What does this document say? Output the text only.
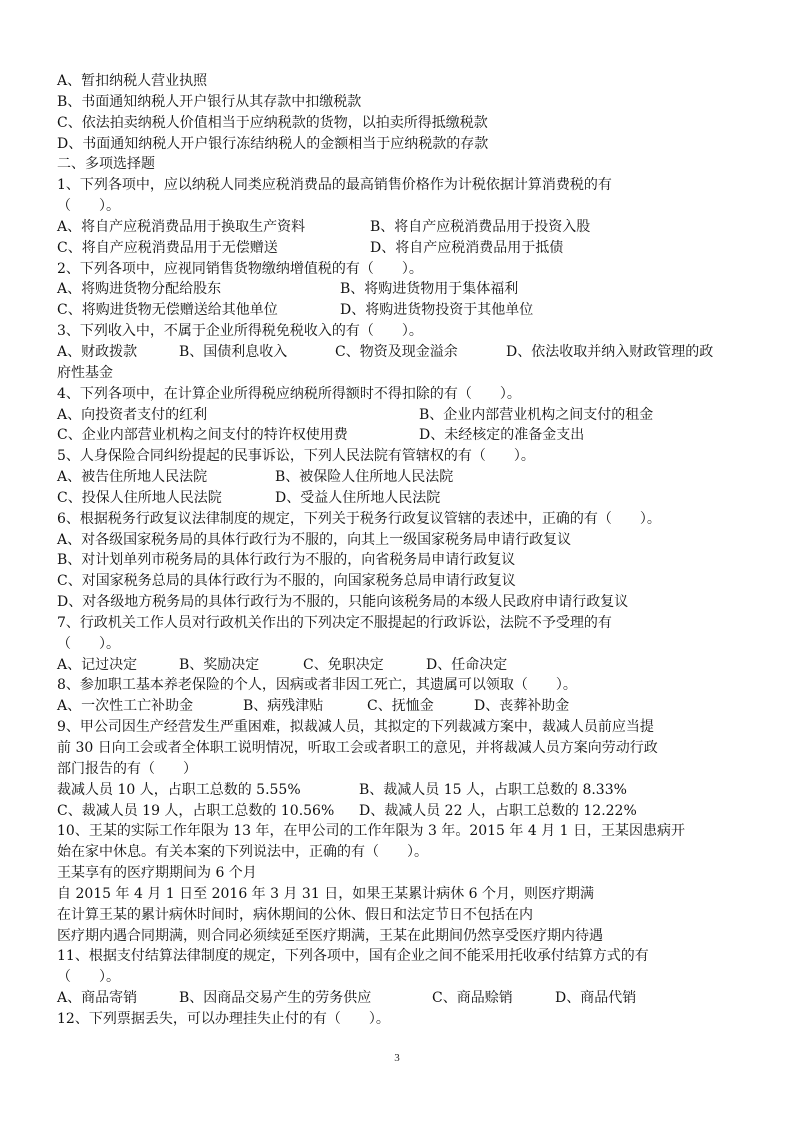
A、暂扣纳税人营业执照
B、书面通知纳税人开户银行从其存款中扣缴税款
C、依法拍卖纳税人价值相当于应纳税款的货物，以拍卖所得抵缴税款
D、书面通知纳税人开户银行冻结纳税人的金额相当于应纳税款的存款
二、多项选择题
1、下列各项中，应以纳税人同类应税消费品的最高销售价格作为计税依据计算消费税的有
（　　）。
A、将自产应税消费品用于换取生产资料	B、将自产应税消费品用于投资入股
C、将自产应税消费品用于无偿赠送	D、将自产应税消费品用于抵债
2、下列各项中，应视同销售货物缴纳增值税的有（　　）。
A、将购进货物分配给股东	B、将购进货物用于集体福利
C、将购进货物无偿赠送给其他单位	D、将购进货物投资于其他单位
3、下列收入中，不属于企业所得税免税收入的有（　　）。
A、财政拨款	B、国债利息收入	C、物资及现金溢余	D、依法收取并纳入财政管理的政
府性基金
4、下列各项中，在计算企业所得税应纳税所得额时不得扣除的有（　　）。
A、向投资者支付的红利	B、企业内部营业机构之间支付的租金
C、企业内部营业机构之间支付的特许权使用费	D、未经核定的准备金支出
5、人身保险合同纠纷提起的民事诉讼，下列人民法院有管辖权的有（　　）。
A、被告住所地人民法院	B、被保险人住所地人民法院
C、投保人住所地人民法院	D、受益人住所地人民法院
6、根据税务行政复议法律制度的规定，下列关于税务行政复议管辖的表述中，正确的有（　　）。
A、对各级国家税务局的具体行政行为不服的，向其上一级国家税务局申请行政复议
B、对计划单列市税务局的具体行政行为不服的，向省税务局申请行政复议
C、对国家税务总局的具体行政行为不服的，向国家税务总局申请行政复议
D、对各级地方税务局的具体行政行为不服的，只能向该税务局的本级人民政府申请行政复议
7、行政机关工作人员对行政机关作出的下列决定不服提起的行政诉讼，法院不予受理的有
（　　）。
A、记过决定	B、奖励决定	C、免职决定	D、任命决定
8、参加职工基本养老保险的个人，因病或者非因工死亡，其遗属可以领取（　　）。
A、一次性工亡补助金	B、病残津贴	C、抚恤金	D、丧葬补助金
9、甲公司因生产经营发生严重困难，拟裁减人员，其拟定的下列裁减方案中，裁减人员前应当提
前 30 日向工会或者全体职工说明情况，听取工会或者职工的意见，并将裁减人员方案向劳动行政
部门报告的有（　　）
裁减人员 10 人，占职工总数的 5.55%	B、裁减人员 15 人，占职工总数的 8.33%
C、裁减人员 19 人，占职工总数的 10.56%	D、裁减人员 22 人，占职工总数的 12.22%
10、王某的实际工作年限为 13 年，在甲公司的工作年限为 3 年。2015 年 4 月 1 日，王某因患病开
始在家中休息。有关本案的下列说法中，正确的有（　　）。
王某享有的医疗期期间为 6 个月
自 2015 年 4 月 1 日至 2016 年 3 月 31 日，如果王某累计病休 6 个月，则医疗期满
在计算王某的累计病休时间时，病休期间的公休、假日和法定节日不包括在内
医疗期内遇合同期满，则合同必须续延至医疗期满，王某在此期间仍然享受医疗期内待遇
11、根据支付结算法律制度的规定，下列各项中，国有企业之间不能采用托收承付结算方式的有
（　　）。
A、商品寄销	B、因商品交易产生的劳务供应	C、商品赊销	D、商品代销
12、下列票据丢失，可以办理挂失止付的有（　　）。
3
